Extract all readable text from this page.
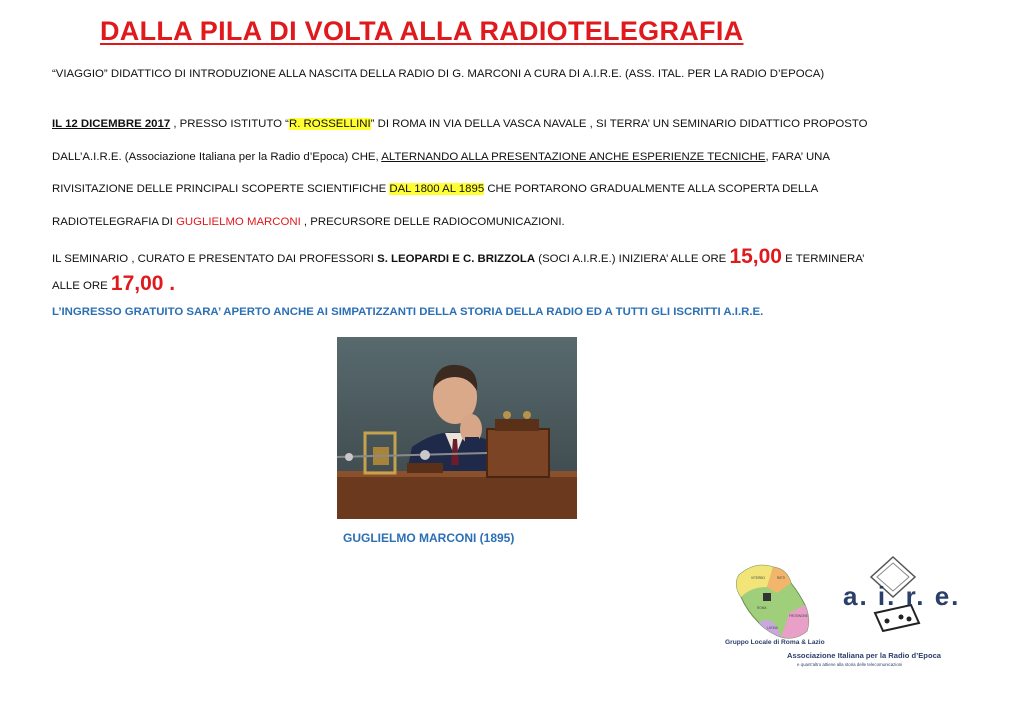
DALLA PILA DI VOLTA ALLA RADIOTELEGRAFIA
“VIAGGIO” DIDATTICO DI INTRODUZIONE ALLA NASCITA DELLA RADIO DI G. MARCONI A CURA DI A.I.R.E. (ASS. ITAL. PER LA RADIO D’EPOCA)
IL 12 DICEMBRE 2017 , PRESSO ISTITUTO “R. ROSSELLINI” DI ROMA IN VIA DELLA VASCA NAVALE , SI TERRA’ UN SEMINARIO DIDATTICO PROPOSTO
DALL’A.I.R.E. (Associazione Italiana per la Radio d’Epoca) CHE, ALTERNANDO ALLA PRESENTAZIONE ANCHE ESPERIENZE TECNICHE, FARA’ UNA
RIVISITAZIONE DELLE PRINCIPALI SCOPERTE SCIENTIFICHE DAL 1800 AL 1895 CHE PORTARONO GRADUALMENTE ALLA SCOPERTA DELLA
RADIOTELEGRAFIA DI GUGLIELMO MARCONI , PRECURSORE DELLE RADIOCOMUNICAZIONI.
IL SEMINARIO , CURATO E PRESENTATO DAI PROFESSORI S. LEOPARDI E C. BRIZZOLA (SOCI A.I.R.E.) INIZIERA’ ALLE ORE 15,00 E TERMINERA’
ALLE ORE 17,00 .
L’INGRESSO GRATUITO SARA’ APERTO ANCHE AI SIMPATIZZANTI DELLA STORIA DELLA RADIO ED A TUTTI GLI ISCRITTI A.I.R.E.
GUGLIELMO MARCONI (1895)
VITERBO	RIETI
ROMA
LATINA
FROSINONE
a. i. r. e.
Gruppo Locale di Roma & Lazio
Associazione Italiana per la Radio d’Epoca
e quant’altro attiene alla storia delle telecomunicazioni
